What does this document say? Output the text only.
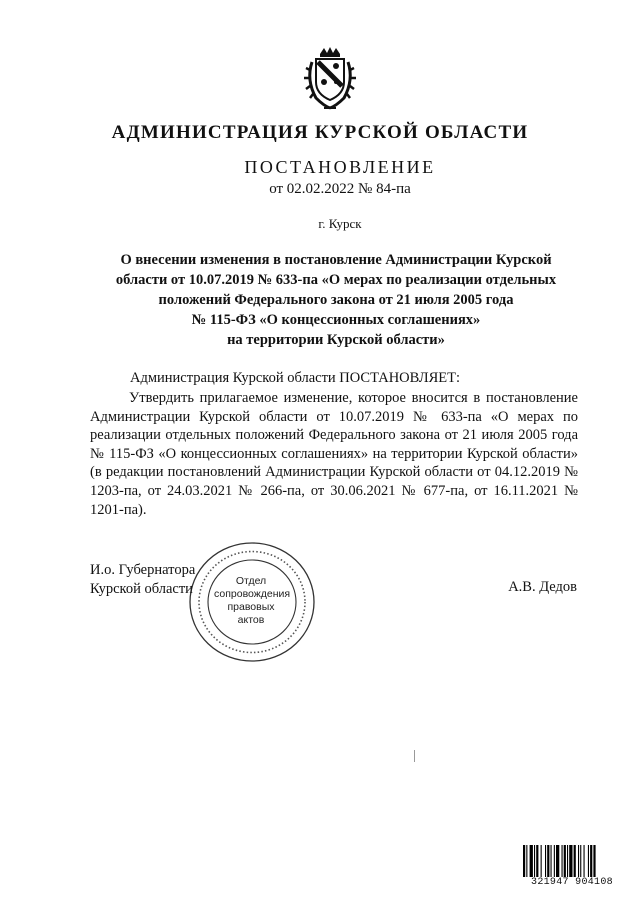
АДМИНИСТРАЦИЯ КУРСКОЙ ОБЛАСТИ
ПОСТАНОВЛЕНИЕ
от 02.02.2022 № 84-па
г. Курск
О внесении изменения в постановление Администрации Курской
области от 10.07.2019 № 633-па «О мерах по реализации отдельных
положений Федерального закона от 21 июля 2005 года
№ 115-ФЗ «О концессионных соглашениях»
на территории Курской области»
Администрация Курской области ПОСТАНОВЛЯЕТ:
Утвердить прилагаемое изменение, которое вносится в постановление Администрации Курской области от 10.07.2019 № 633-па «О мерах по реализации отдельных положений Федерального закона от 21 июля 2005 года № 115-ФЗ «О концессионных соглашениях» на территории Курской области» (в редакции постановлений Администрации Курской области от 04.12.2019 № 1203-па, от 24.03.2021 № 266-па, от 30.06.2021 № 677-па, от 16.11.2021 № 1201-па).
Отдел
сопровождения
правовых
актов
И.о. Губернатора
Курской области	А.В. Дедов
321947 904108
